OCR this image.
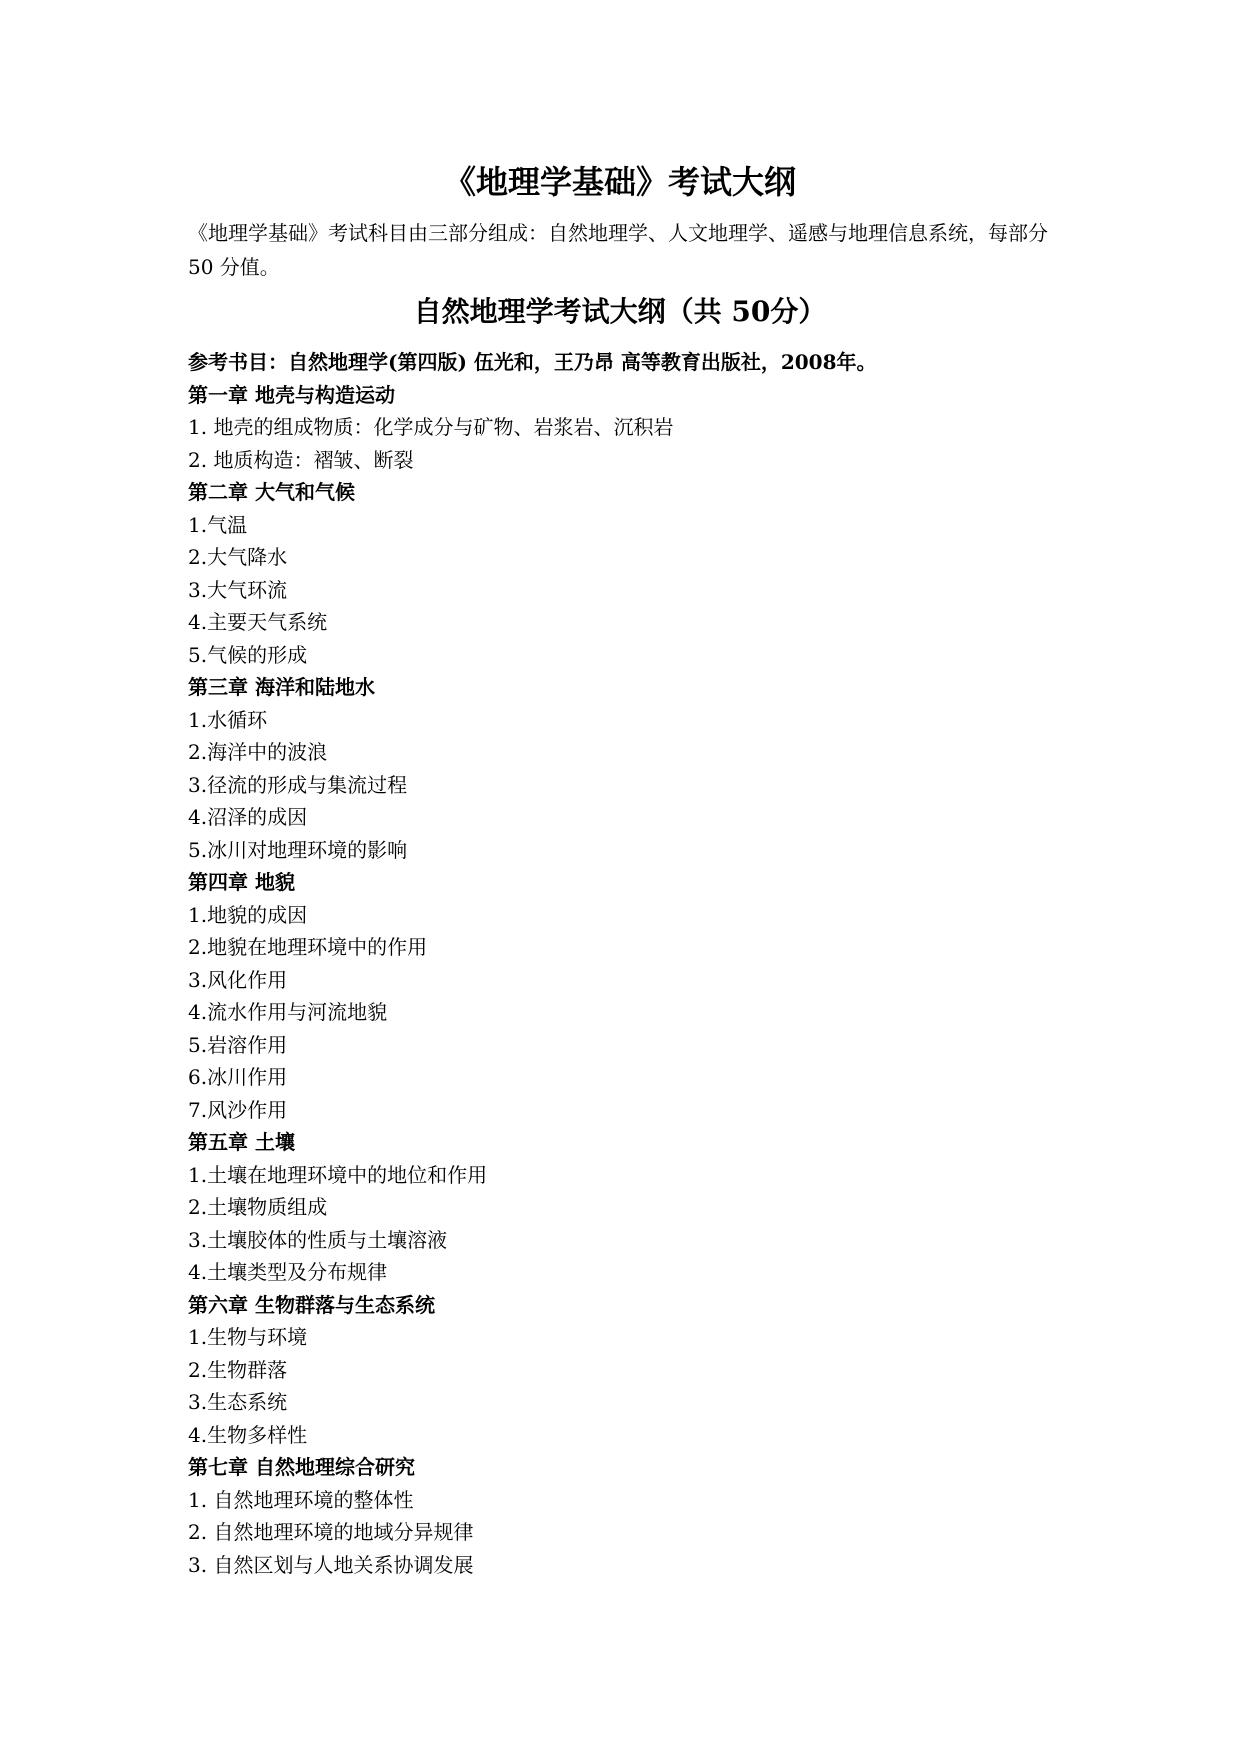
《地理学基础》考试大纲

《地理学基础》考试科目由三部分组成：自然地理学、人文地理学、遥感与地理信息系统，每部分 50 分值。

自然地理学考试大纲（共 50分）
参考书目：自然地理学(第四版) 伍光和，王乃昂 高等教育出版社，2008年。
第一章 地壳与构造运动
1. 地壳的组成物质：化学成分与矿物、岩浆岩、沉积岩
2. 地质构造：褶皱、断裂
第二章 大气和气候
1.气温
2.大气降水
3.大气环流
4.主要天气系统
5.气候的形成
第三章 海洋和陆地水
1.水循环
2.海洋中的波浪
3.径流的形成与集流过程
4.沼泽的成因
5.冰川对地理环境的影响
第四章 地貌
1.地貌的成因
2.地貌在地理环境中的作用
3.风化作用
4.流水作用与河流地貌
5.岩溶作用
6.冰川作用
7.风沙作用
第五章 土壤
1.土壤在地理环境中的地位和作用
2.土壤物质组成
3.土壤胶体的性质与土壤溶液
4.土壤类型及分布规律
第六章 生物群落与生态系统
1.生物与环境
2.生物群落
3.生态系统
4.生物多样性
第七章 自然地理综合研究
1. 自然地理环境的整体性
2. 自然地理环境的地域分异规律
3. 自然区划与人地关系协调发展
